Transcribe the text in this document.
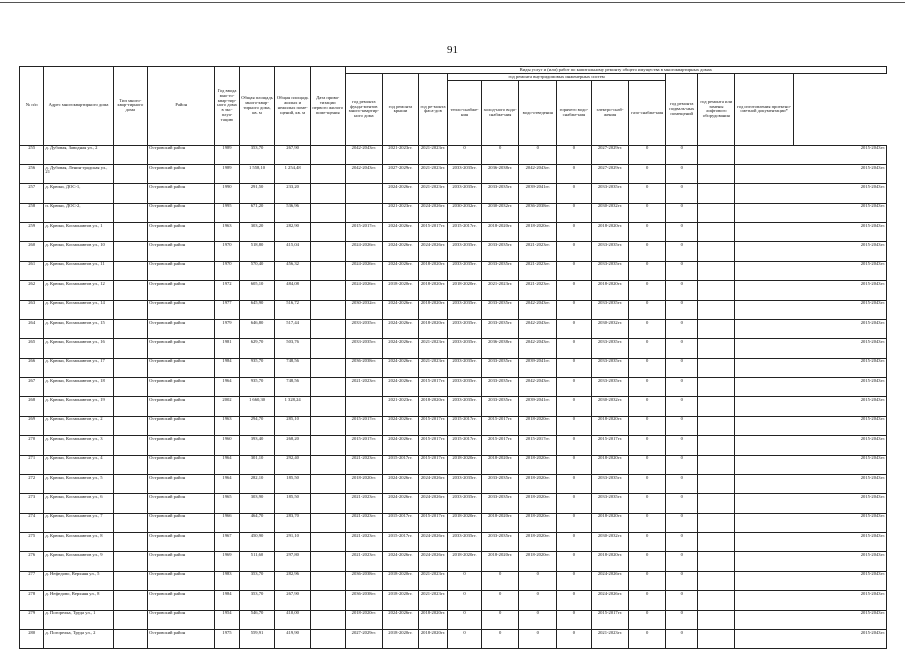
91
№ п/п	Адрес многоквартирного дома	Тип много-квар-тирного дома	Район	Год ввода мно-го-квар-тир-ного дома в экс-плуа-тацию	Общая площадь много-квар-тирного дома, кв. м	Общая площадь жилых и нежилых поме-щений, кв. м	Дата прива-тизации первого жилого поме-щения	Виды услуг и (или) работ по капитальному ремонту общего имущества в многоквартирных домах											
								год ремонта фунда-ментов много-квартир-ного дома	год ремонта крыши	год ре-монта фаса-дов	год ремонта внутридомовых инженерных систем						год ремонта подваль-ных помещений	год ремонта или замены лифтового оборудования	год изготовления проектно-сметной документации*
											тепло-снабже-ния	холод-ного водо-снабже-ния	водо-отведения	горячего водо-снабже-ния	электро-снаб-жения	газо-снабже-ния			
255	д. Дубовая, Заводная ул., 2		Островский район	1989	353,70	267,90		2042-2043гг.	2021-2023гг.	2021-2023гг.	0	0	0	0	2027-2029гг.	0	0		2015-2043гг.
256	д. Дубовая, Ленин-градская ул., 21		Островский район	1989	1 558,10	1 254,48		2042-2043гг.	2027-2029гг.	2021-2023гг.	2033-2035гг.	2036-2038гг.	2042-2043гг.	0	2027-2029гг.	0	0		2015-2043гг.
257	д. Крюки, ДОС-1,		Островский район	1990	291,50	233,20			2024-2026гг.	2021-2023гг.	2033-2035гг.	2033-2035гг.	2039-2041гг.	0	2033-2035гг.	0	0		2015-2043гг.
258	п. Крюки, ДОС-2,		Островский район	1995	671,20	536,96			2021-2023гг.	2024-2026гг.	2030-2032гг.	2030-2032гг.	2036-2038гг.	0	2030-2032гг.	0	0		2015-2043гг.
259	д. Крюки, Космонавтов ул., 1		Островский район	1963	303,20	282,90		2015-2017гг.	2024-2026гг.	2015-2017гг.	2015-2017гг.	2018-2020гг.	2018-2020гг.	0	2018-2020гг.	0	0		2015-2043гг.
260	д. Крюки, Космонавтов ул., 10		Островский район	1970	518,80	415,04		2024-2026гг.	2024-2026гг.	2024-2026гг.	2033-2035гг.	2033-2035гг.	2021-2023гг.	0	2033-2035гг.	0	0		2015-2043гг.
261	д. Крюки, Космонавтов ул., 11		Островский район	1970	570,40	456,32		2024-2026гг.	2024-2026гг.	2018-2020гг.	2033-2035гг.	2033-2035гг.	2021-2023гг.	0	2033-2035гг.	0	0		2015-2043гг.
262	д. Крюки, Космонавтов ул., 12		Островский район	1972	605,10	484,08		2024-2026гг.	2018-2020гг.	2018-2020гг.	2018-2020гг.	2021-2023гг.	2021-2023гг.	0	2018-2020гг.	0	0		2015-2043гг.
263	д. Крюки, Космонавтов ул., 14		Островский район	1977	645,90	516,72		2030-2032гг.	2024-2026гг.	2018-2020гг.	2033-2035гг.	2033-2035гг.	2042-2043гг.	0	2033-2035гг.	0	0		2015-2043гг.
264	д. Крюки, Космонавтов ул., 15		Островский район	1979	646,80	517,44		2033-2035гг.	2024-2026гг.	2018-2020гг.	2033-2035гг.	2033-2035гг.	2042-2043гг.	0	2030-2032гг.	0	0		2015-2043гг.
265	д. Крюки, Космонавтов ул., 16		Островский район	1981	629,70	503,76		2033-2035гг.	2024-2026гг.	2021-2023гг.	2033-2035гг.	2036-2038гг.	2042-2043гг.	0	2033-2035гг.	0	0		2015-2043гг.
266	д. Крюки, Космонавтов ул., 17		Островский район	1984	935,70	748,56		2036-2038гг.	2024-2026гг.	2021-2023гг.	2033-2035гг.	2033-2035гг.	2039-2041гг.	0	2033-2035гг.	0	0		2015-2043гг.
267	д. Крюки, Космонавтов ул., 18		Островский район	1964	935,70	748,56		2021-2023гг.	2024-2026гг.	2015-2017гг.	2033-2035гг.	2033-2035гг.	2042-2043гг.	0	2033-2035гг.	0	0		2015-2043гг.
268	д. Крюки, Космонавтов ул., 19		Островский район	2002	1 660,30	1 328,24			2021-2023гг.	2018-2020гг.	2033-2035гг.	2033-2035гг.	2039-2041гг.	0	2030-2032гг.	0	0		2015-2043гг.
269	д. Крюки, Космонавтов ул., 2		Островский район	1963	294,70	285,10		2015-2017гг.	2024-2026гг.	2015-2017гг.	2015-2017гг.	2015-2017гг.	2018-2020гг.	0	2018-2020гг.	0	0		2015-2043гг.
270	д. Крюки, Космонавтов ул., 3		Островский район	1960	393,40	268,20		2015-2017гг.	2024-2026гг.	2015-2017гг.	2015-2017гг.	2015-2017гг.	2015-2017гг.	0	2015-2017гг.	0	0		2015-2043гг.
271	д. Крюки, Космонавтов ул., 4		Островский район	1964	301,10	292,40		2021-2023гг.	2015-2017гг.	2015-2017гг.	2018-2020гг.	2018-2020гг.	2018-2020гг.	0	2018-2020гг.	0	0		2015-2043гг.
272	д. Крюки, Космонавтов ул., 5		Островский район	1964	282,10	185,50		2018-2020гг.	2024-2026гг.	2024-2026гг.	2033-2035гг.	2033-2035гг.	2018-2020гг.	0	2033-2035гг.	0	0		2015-2043гг.
273	д. Крюки, Космонавтов ул., 6		Островский район	1965	303,90	185,50		2021-2023гг.	2024-2026гг.	2024-2026гг.	2033-2035гг.	2033-2035гг.	2018-2020гг.	0	2033-2035гг.	0	0		2015-2043гг.
274	д. Крюки, Космонавтов ул., 7		Островский район	1966	464,70	283,70		2021-2023гг.	2015-2017гг.	2015-2017гг.	2018-2020гг.	2018-2020гг.	2018-2020гг.	0	2018-2020гг.	0	0		2015-2043гг.
275	д. Крюки, Космонавтов ул., 8		Островский район	1967	450,90	291,10		2021-2023гг.	2015-2017гг.	2024-2026гг.	2033-2035гг.	2033-2035гг.	2018-2020гг.	0	2030-2032гг.	0	0		2015-2043гг.
276	д. Крюки, Космонавтов ул., 9		Островский район	1969	511,60	297,80		2021-2023гг.	2024-2026гг.	2024-2026гг.	2018-2020гг.	2018-2020гг.	2018-2020гг.	0	2018-2020гг.	0	0		2015-2043гг.
277	д. Нефедово, Верхняя ул., 5		Островский район	1983	353,70	282,96		2036-2038гг.	2018-2020гг.	2021-2023гг.	0	0	0	0	2024-2026гг.	0	0		2015-2043гг.
278	д. Нефедово, Верхняя ул., 8		Островский район	1984	353,70	267,90		2036-2038гг.	2018-2020гг.	2021-2023гг.	0	0	0	0	2024-2026гг.	0	0		2015-2043гг.
279	д. Погорелка, Труда ул., 1		Островский район	1954	546,70	410,00		2018-2020гг.	2024-2026гг.	2018-2020гг.	0	0	0	0	2015-2017гг.	0	0		2015-2043гг.
280	д. Погорелка, Труда ул., 2		Островский район	1975	559,91	419,90		2027-2029гг.	2018-2020гг.	2018-2020гг.	0	0	0	0	2021-2023гг.	0	0		2015-2043гг.
